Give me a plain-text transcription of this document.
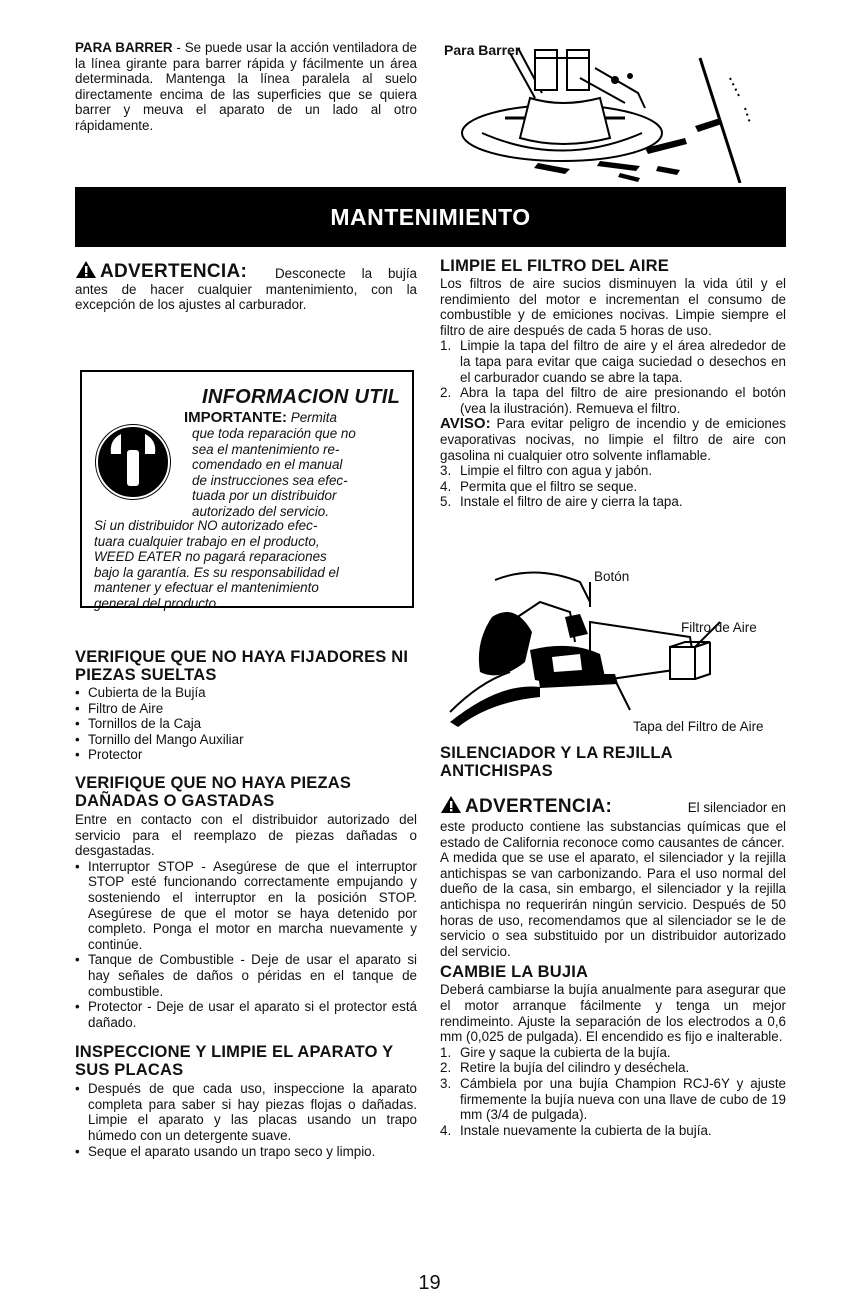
PARA BARRER - Se puede usar la acción ventiladora de la línea girante para barrer rápida y fácilmente un área determinada. Mantenga la línea paralela al suelo directamente encima de las superficies que se quiera barrer y meuva el aparato de un lado al otro rápidamente.

Para Barrer
MANTENIMIENTO
ADVERTENCIA:	Desconecte la bujía antes de hacer cualquier mantenimiento, con la excepción de los ajustes al carburador.

INFORMACION UTIL
IMPORTANTE: Permita
que toda reparación que no
sea el mantenimiento re-
comendado en el manual
de instrucciones sea efec-
tuada por un distribuidor
autorizado del servicio.
Si un distribuidor NO autorizado efec-
tuara cualquier trabajo en el producto,
WEED EATER no pagará reparaciones
bajo la garantía. Es su responsabilidad el
mantener y efectuar el mantenimiento
general del producto.
VERIFIQUE QUE NO HAYA FIJADORES NI PIEZAS SUELTAS
• Cubierta de la Bujía
• Filtro de Aire
• Tornillos de la Caja
• Tornillo del Mango Auxiliar
• Protector
VERIFIQUE QUE NO HAYA PIEZAS DAÑADAS O GASTADAS

Entre en contacto con el distribuidor autorizado del servicio para el reemplazo de piezas dañadas o desgastadas.

• Interruptor STOP - Asegúrese de que el interruptor STOP esté funcionando correctamente empujando y sosteniendo el interruptor en la posición STOP. Asegúrese de que el motor se haya detenido por completo. Ponga el motor en marcha nuevamente y continúe.
• Tanque de Combustible - Deje de usar el aparato si hay señales de daños o péridas en el tanque de combustible.
• Protector - Deje de usar el aparato si el protector está dañado.
INSPECCIONE Y LIMPIE EL APARATO Y SUS PLACAS
• Después de que cada uso, inspeccione la aparato completa para saber si hay piezas flojas o dañadas. Limpie el aparato y las placas usando un trapo húmedo con un detergente suave.
• Seque el aparato usando un trapo seco y limpio.
LIMPIE EL FILTRO DEL AIRE

Los filtros de aire sucios disminuyen la vida útil y el rendimiento del motor e incrementan el consumo de combustible y de emiciones nocivas. Limpie siempre el filtro de aire después de cada 5 horas de uso.

1. Limpie la tapa del filtro de aire y el área alrededor de la tapa para evitar que caiga suciedad o desechos en el carburador cuando se abre la tapa.
2. Abra la tapa del filtro de aire presionando el botón (vea la ilustración). Remueva el filtro.

AVISO: Para evitar peligro de incendio y de emiciones evaporativas nocivas, no limpie el filtro de aire con gasolina ni cualquier otro solvente inflamable.

3. Limpie el filtro con agua y jabón.
4. Permita que el filtro se seque.
5. Instale el filtro de aire y cierra la tapa.
Botón
Filtro de Aire
Tapa del Filtro de Aire
SILENCIADOR Y LA REJILLA ANTICHISPAS
ADVERTENCIA:	El silenciador en

este producto contiene las substancias químicas que el estado de California reconoce como causantes de cáncer.

A medida que se use el aparato, el silenciador y la rejilla antichispas se van carbonizando. Para el uso normal del dueño de la casa, sin embargo, el silenciador y la rejilla antichispa no requerirán ningún servicio. Después de 50 horas de uso, recomendamos que al silenciador se le de servicio o sea substituido por un distribuidor autorizado del servicio.

CAMBIE LA BUJIA

Deberá cambiarse la bujía anualmente para asegurar que el motor arranque fácilmente y tenga un mejor rendimeinto. Ajuste la separación de los electrodos a 0,6 mm (0,025 de pulgada). El encendido es fijo e inalterable.

1. Gire y saque la cubierta de la bujía.
2. Retire la bujía del cilindro y deséchela.
3. Cámbiela por una bujía Champion RCJ-6Y y ajuste firmemente la bujía nueva con una llave de cubo de 19 mm (3/4 de pulgada).
4. Instale nuevamente la cubierta de la bujía.
19
